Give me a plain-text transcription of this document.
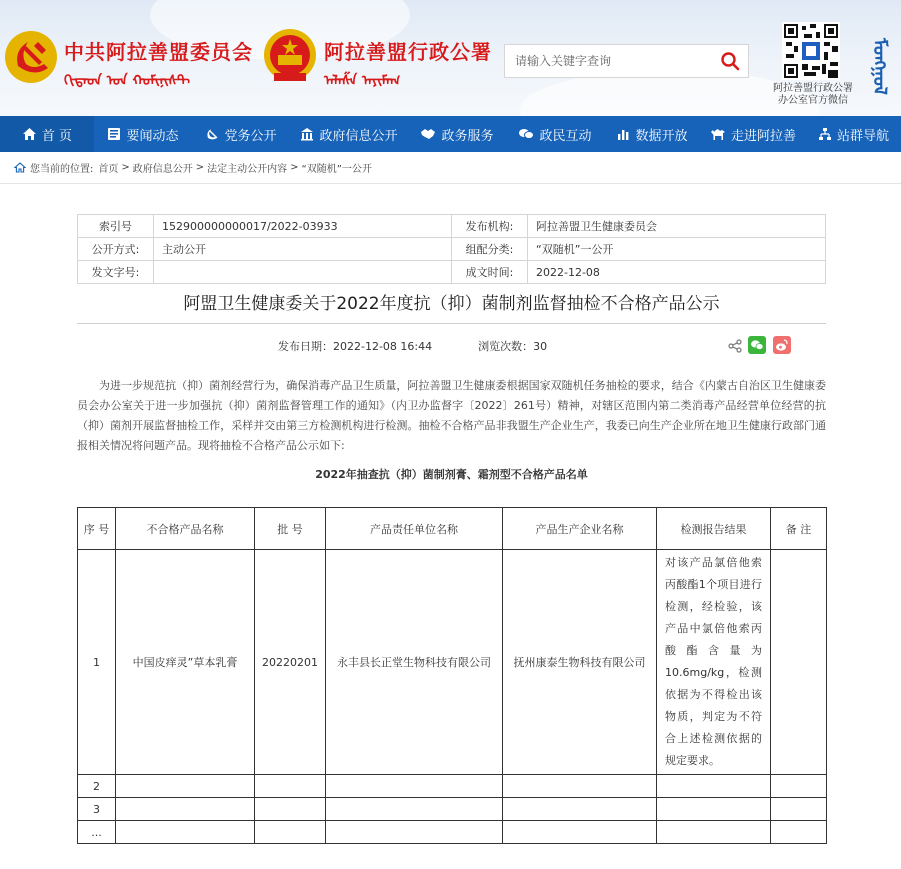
中共阿拉善盟委员会
ᠬᠢᠲᠠᠳ ᠤᠨ ᠬᠣᠮᠢᠨᠢᠰᠲ
阿拉善盟行政公署
ᠠᠯᠠᠱᠠ ᠠᠶᠢᠮᠠᠭ
请输入关键字查询	阿拉善盟行政公署
办公室官方微信
ᠮᠣᠩᠭᠣᠯ
首 页	要闻动态	党务公开	政府信息公开	政务服务	政民互动	数据开放	走进阿拉善	站群导航
您当前的位置: 首页 > 政府信息公开 > 法定主动公开内容 > “双随机”一公开
索引号	152900000000017/2022-03933	发布机构:	阿拉善盟卫生健康委员会
公开方式:	主动公开	组配分类:	“双随机”一公开
发文字号:		成文时间:	2022-12-08
阿盟卫生健康委关于2022年度抗（抑）菌制剂监督抽检不合格产品公示
发布日期：2022-12-08 16:44	浏览次数：30

为进一步规范抗（抑）菌剂经营行为，确保消毒产品卫生质量，阿拉善盟卫生健康委根据国家双随机任务抽检的要求，结合《内蒙古自治区卫生健康委员会办公室关于进一步加强抗（抑）菌剂监督管理工作的通知》（内卫办监督字〔2022〕261号）精神，对辖区范围内第二类消毒产品经营单位经营的抗（抑）菌剂开展监督抽检工作，采样并交由第三方检测机构进行检测。抽检不合格产品非我盟生产企业生产，我委已向生产企业所在地卫生健康行政部门通报相关情况将问题产品。现将抽检不合格产品公示如下:

2022年抽查抗（抑）菌制剂膏、霜剂型不合格产品名单
序 号	不合格产品名称	批 号	产品责任单位名称	产品生产企业名称	检测报告结果	备 注
1	中国皮痒灵”草本乳膏	20220201	永丰县长正堂生物科技有限公司	抚州康泰生物科技有限公司	对该产品氯倍他索丙酸酯1个项目进行检测，经检验，该产品中氯倍他索丙酸酯含量为10.6mg/kg，检测依据为不得检出该物质，判定为不符合上述检测依据的规定要求。	
2						
3						
...						
